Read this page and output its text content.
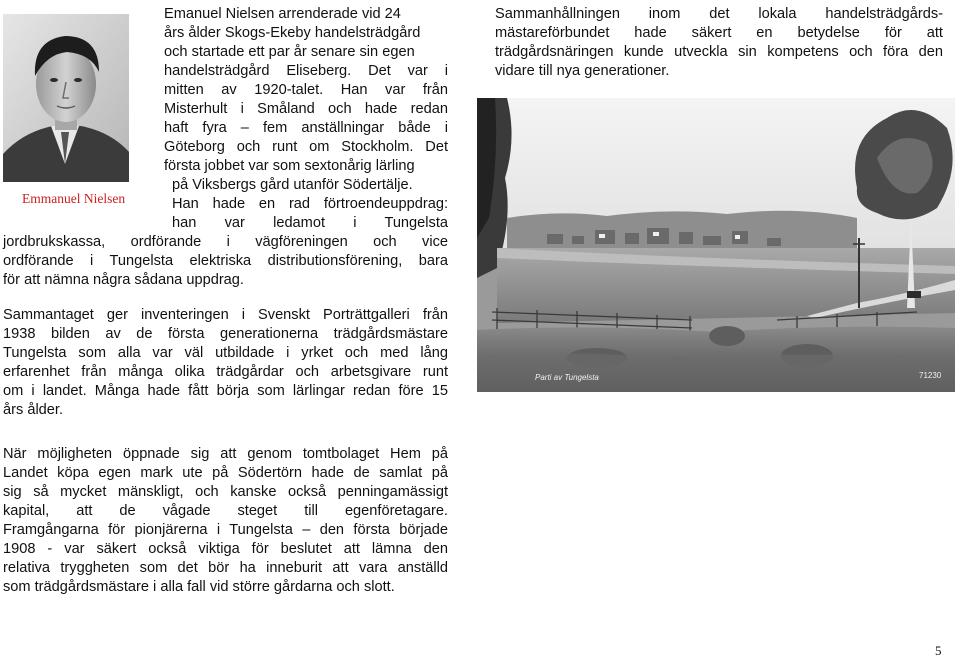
Emmanuel Nielsen

Emanuel Nielsen arrenderade vid 24

års ålder Skogs-Ekeby handelsträdgård

och startade ett par år senare sin egen

handelsträdgård Eliseberg. Det var i

mitten av 1920-talet. Han var från

Misterhult i Småland och hade redan

haft fyra – fem anställningar både i

Göteborg och runt om Stockholm. Det

första jobbet var som sextonårig lärling

på Viksbergs gård utanför Södertälje.

Han hade en rad förtroendeuppdrag:

han var ledamot i Tungelsta

jordbrukskassa, ordförande i vägföreningen och vice

ordförande i Tungelsta elektriska distributionsförening, bara

för att nämna några sådana uppdrag.

Sammantaget ger inventeringen i Svenskt Porträttgalleri från

1938 bilden av de första generationerna trädgårdsmästare

Tungelsta som alla var väl utbildade i yrket och med lång

erfarenhet från många olika trädgårdar och arbetsgivare runt

om i landet. Många hade fått börja som lärlingar redan före 15

års ålder.

Sammanhållningen inom det lokala handelsträdgårds-

mästareförbundet hade säkert en betydelse för att

trädgårdsnäringen kunde utveckla sin kompetens och föra den

vidare till nya generationer.

Parti av Tungelsta	71230

När möjligheten öppnade sig att genom tomtbolaget Hem på

Landet köpa egen mark ute på Södertörn hade de samlat på

sig så mycket mänskligt, och kanske också penningamässigt

kapital, att de vågade steget till egenföretagare.

Framgångarna för pionjärerna i Tungelsta – den första började

1908 - var säkert också viktiga för beslutet att lämna den

relativa tryggheten som det bör ha inneburit att vara anställd

som trädgårdsmästare i alla fall vid större gårdarna och slott.

5
